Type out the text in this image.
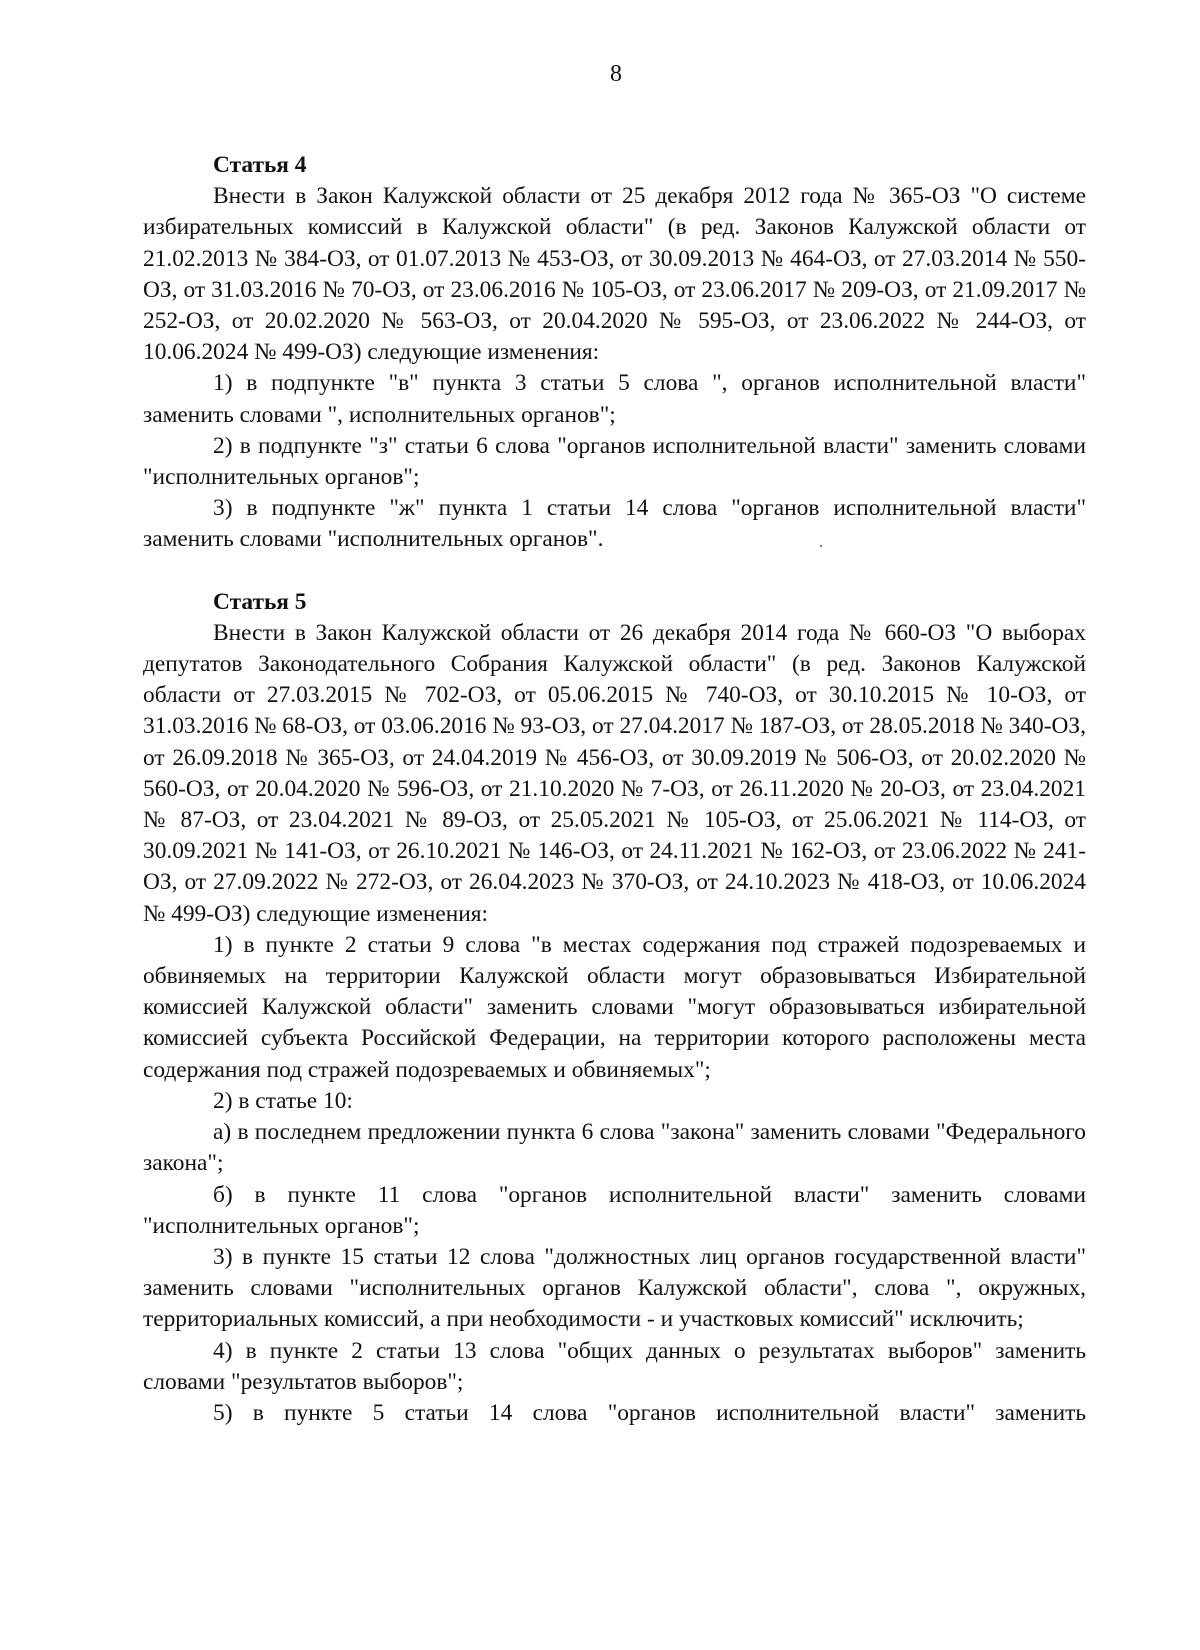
8

Статья 4

Внести в Закон Калужской области от 25 декабря 2012 года № 365-ОЗ "О системе избирательных комиссий в Калужской области" (в ред. Законов Калужской области от 21.02.2013 № 384-ОЗ, от 01.07.2013 № 453-ОЗ, от 30.09.2013 № 464-ОЗ, от 27.03.2014 № 550-ОЗ, от 31.03.2016 № 70-ОЗ, от 23.06.2016 № 105-ОЗ, от 23.06.2017 № 209-ОЗ, от 21.09.2017 № 252-ОЗ, от 20.02.2020 № 563-ОЗ, от 20.04.2020 № 595-ОЗ, от 23.06.2022 № 244-ОЗ, от 10.06.2024 № 499-ОЗ) следующие изменения:

1) в подпункте "в" пункта 3 статьи 5 слова ", органов исполнительной власти" заменить словами ", исполнительных органов";

2) в подпункте "з" статьи 6 слова "органов исполнительной власти" заменить словами "исполнительных органов";

3) в подпункте "ж" пункта 1 статьи 14 слова "органов исполнительной власти" заменить словами "исполнительных органов".

Статья 5

Внести в Закон Калужской области от 26 декабря 2014 года № 660-ОЗ "О выборах депутатов Законодательного Собрания Калужской области" (в ред. Законов Калужской области от 27.03.2015 № 702-ОЗ, от 05.06.2015 № 740-ОЗ, от 30.10.2015 № 10-ОЗ, от 31.03.2016 № 68-ОЗ, от 03.06.2016 № 93-ОЗ, от 27.04.2017 № 187-ОЗ, от 28.05.2018 № 340-ОЗ, от 26.09.2018 № 365-ОЗ, от 24.04.2019 № 456-ОЗ, от 30.09.2019 № 506-ОЗ, от 20.02.2020 № 560-ОЗ, от 20.04.2020 № 596-ОЗ, от 21.10.2020 № 7-ОЗ, от 26.11.2020 № 20-ОЗ, от 23.04.2021 № 87-ОЗ, от 23.04.2021 № 89-ОЗ, от 25.05.2021 № 105-ОЗ, от 25.06.2021 № 114-ОЗ, от 30.09.2021 № 141-ОЗ, от 26.10.2021 № 146-ОЗ, от 24.11.2021 № 162-ОЗ, от 23.06.2022 № 241-ОЗ, от 27.09.2022 № 272-ОЗ, от 26.04.2023 № 370-ОЗ, от 24.10.2023 № 418-ОЗ, от 10.06.2024 № 499-ОЗ) следующие изменения:

1) в пункте 2 статьи 9 слова "в местах содержания под стражей подозреваемых и обвиняемых на территории Калужской области могут образовываться Избирательной комиссией Калужской области" заменить словами "могут образовываться избирательной комиссией субъекта Российской Федерации, на территории которого расположены места содержания под стражей подозреваемых и обвиняемых";

2) в статье 10:

а) в последнем предложении пункта 6 слова "закона" заменить словами "Федерального закона";

б) в пункте 11 слова "органов исполнительной власти" заменить словами "исполнительных органов";

3) в пункте 15 статьи 12 слова "должностных лиц органов государственной власти" заменить словами "исполнительных органов Калужской области", слова ", окружных, территориальных комиссий, а при необходимости - и участковых комиссий" исключить;

4) в пункте 2 статьи 13 слова "общих данных о результатах выборов" заменить словами "результатов выборов";

5) в пункте 5 статьи 14 слова "органов исполнительной власти" заменить
